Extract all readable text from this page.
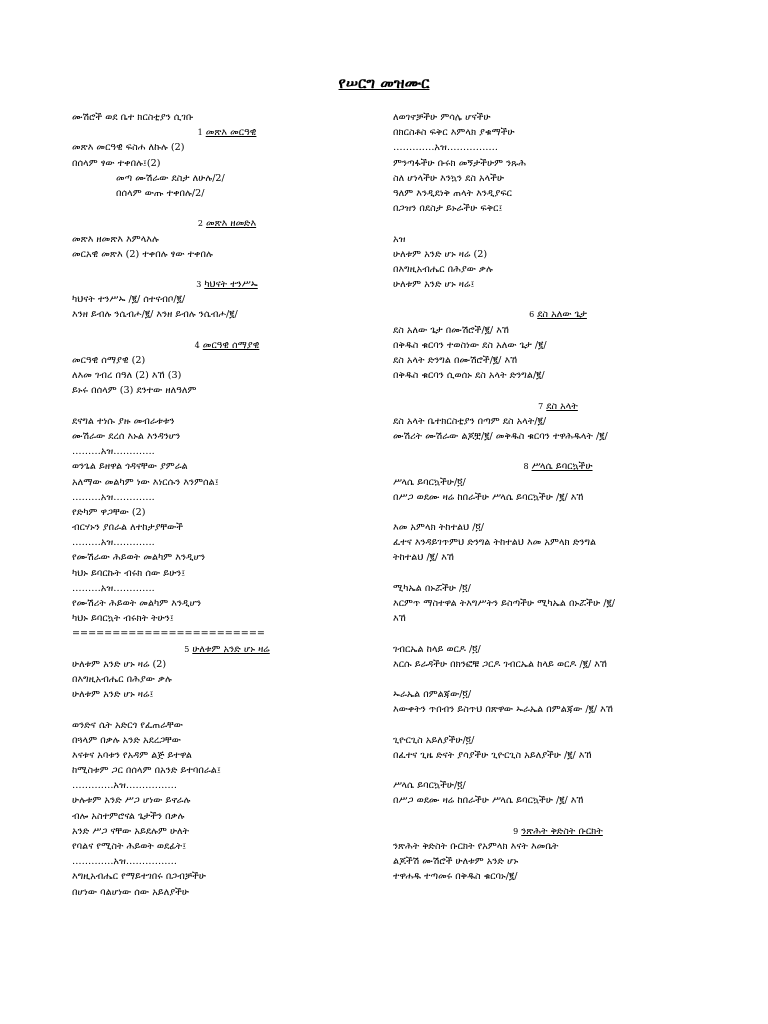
የሠርግ መዝሙር
ሙሽሮች ወደ ቤተ ክርስቲያን ሲገቡ
1 መጽእ መርዓዊ
መጽእ መርዓዊ ፍስሐ ለኩሉ (2)
በሰላም ፃው ተቀበሉ፤(2)
መጣ ሙሽራው ደስታ ለሁሉ/2/
በሰላም ውጡ ተቀበሉ/2/
2 መጽእ ዘመድእ
መጽእ ዘመጽእ እምላእሉ
መርአዊ መጽእ (2) ተቀበሉ ፃው ተቀበሉ
3 ካህናት ተንሥኡ
ካህናት ተንሥኡ /፪/ ሰተናብቦ/፪/
እንዘ ይብሉ ንሴብሖ/፪/ እንዘ ይብሉ ንሴብሖ/፪/
4 መርዓዊ ሰማያዊ
መርዓዊ ሰማያዊ (2)
ለእመ ገብረ በዓለ (2) እኸ (3)
ይኑሩ በሰላም (3) ደንተው ዘለዓለም
ደናግል ተነሱ ያዙ መብራቱቱን
ሙሽራው ደረሰ እኑል እንዳንሆን
………አዝ………….
ወንጌል ይዘዋል ጎዳናቸው ያምራል
አለማው መልካም ነው እነርሱን እንምሰል፤
………አዝ………….
የድካም ዋጋቸው (2)
ብርሃኑን ያበራል ለተከታያቸውች
………አዝ………….
የሙሽራው ሕይወት መልካም እንዲሆን
ካህኑ ይባርኩት ብሩክ ሰው ይሁን፤
………አዝ………….
የሙሽሪት ሕይወት መልካም እንዲሆን
ካህኑ ይባርኳት ብሩክት ትሁን፤
========================
5 ሁለቱም አንድ ሆኑ ዛሬ
ሁለቱም አንድ ሆኑ ዛሬ (2)
በእግዚአብሔር በሕያው ቃሉ
ሁለቱም አንድ ሆኑ ዛሬ፤
ወንድና ሴት አድርጎ የፈጠራቸው
በጓላም በቃሉ አንድ አደረጋቸው
እናቱና አባቱን የአዳም ልጅ ይተዋል
ከሚስቱም ጋር በሰላም በአንድ ይተባበራል፤
………….አዝ…………….
ሁሉቱም አንድ ሥጋ ሆነው ይኖራሉ
ብሎ አስተምሮናል ጌታችን በቃሉ
አንድ ሥጋ ናቸው አይደሉም ሁለት
የባልና የሚስት ሕይወት ወደፊት፤
………….አዝ…………….
እግዚአብሔር የማይተገበሩ በጋብቻችሁ
በሆነው ባልሆነው ሰው አይለያችሁ
ለወገኖቻችሁ ምሳሌ ሆናችሁ
በክርስቶስ ፍቅር እምላክ ያቁማችሁ
………….አዝ…………….
ምንጣፋችሁ ቡሩክ መኝታችሁም ንጹሕ
ስለ ሆነላችሁ እንኳን ደስ አላችሁ
ዓለም እንዲደነቅ ጠላት እንዲያፍር
በጋዝን በደስታ ይኑራችሁ ፍቅር፤
አዝ
ሁለቱም አንድ ሆኑ ዛሬ (2)
በእግዚአብሔር በሕያው ቃሉ
ሁለቱም አንድ ሆኑ ዛሬ፤
6 ደስ አለው ጌታ
ደስ አለው ጌታ በሙሽሮች/፪/ እኸ
በቅዱስ ቁርባን ተወስነው ደስ አለው ጌታ /፪/
ደስ አላት ድንግል በሙሽሮች/፪/ እኸ
በቅዱስ ቁርባን ሲወሰኑ ደስ አላት ድንግል/፪/
7 ደስ አላት
ደስ አላት ቤተክርስቲያን በጣም ደስ አላት/፪/
ሙሽሪት ሙሽራው ልጆቿ/፪/ መቅዱስ ቁርባን ተዋሕዱላት /፪/
8 ሥላሴ ይባርኳችሁ
ሥላሴ ይባርኳችሁ/፬/
በሥጋ ወደሙ ዛሬ ከበራችሁ ሥላሴ ይባርኳችሁ /፪/ እኸ
እመ አምላክ ትከተልህ /፬/
ፈተና እንዳይገጥምህ ድንግል ትከተልህ እመ አምላክ ድንግል
ትከተልህ /፪/ እኸ
ሚካኤል በኑሯችሁ /፬/
እርምጥ ማስተዋል ትእግሥትን ይስጣችሁ ሚካኤል በኑሯችሁ /፪/
እኸ
ገብርኤል ከላይ ወርዶ /፬/
እርሱ ይራዳችሁ በክንፎቹ ጋርዶ ገብርኤል ከላይ ወርዶ /፪/ እኸ
ኡራኤል በምልጃው/፬/
እውቀትን ጥበብን ይስጥህ በጽዋው ኡራኤል በምልጃው /፪/ እኸ
ጊዮርጊስ አይለያችሁ/፬/
በፈተና ጊዜ ድናት ያሳያችሁ ጊዮርጊስ አይለያችሁ /፪/ እኸ
ሥላሴ ይባርኳችሁ/፬/
በሥጋ ወደሙ ዛሬ ከበራችሁ ሥላሴ ይባርኳችሁ /፪/ እኸ
9 ንጽሕት ቅድስት ቡርክት
ንጽሕት ቅድስት ቡርክት የአምላክ እናት እመቤት
ልጆችሽ ሙሽሮች ሁለቱም አንድ ሆኑ
ተዋሐዱ ተጣመሩ በቅዱስ ቁርባኑ/፪/
